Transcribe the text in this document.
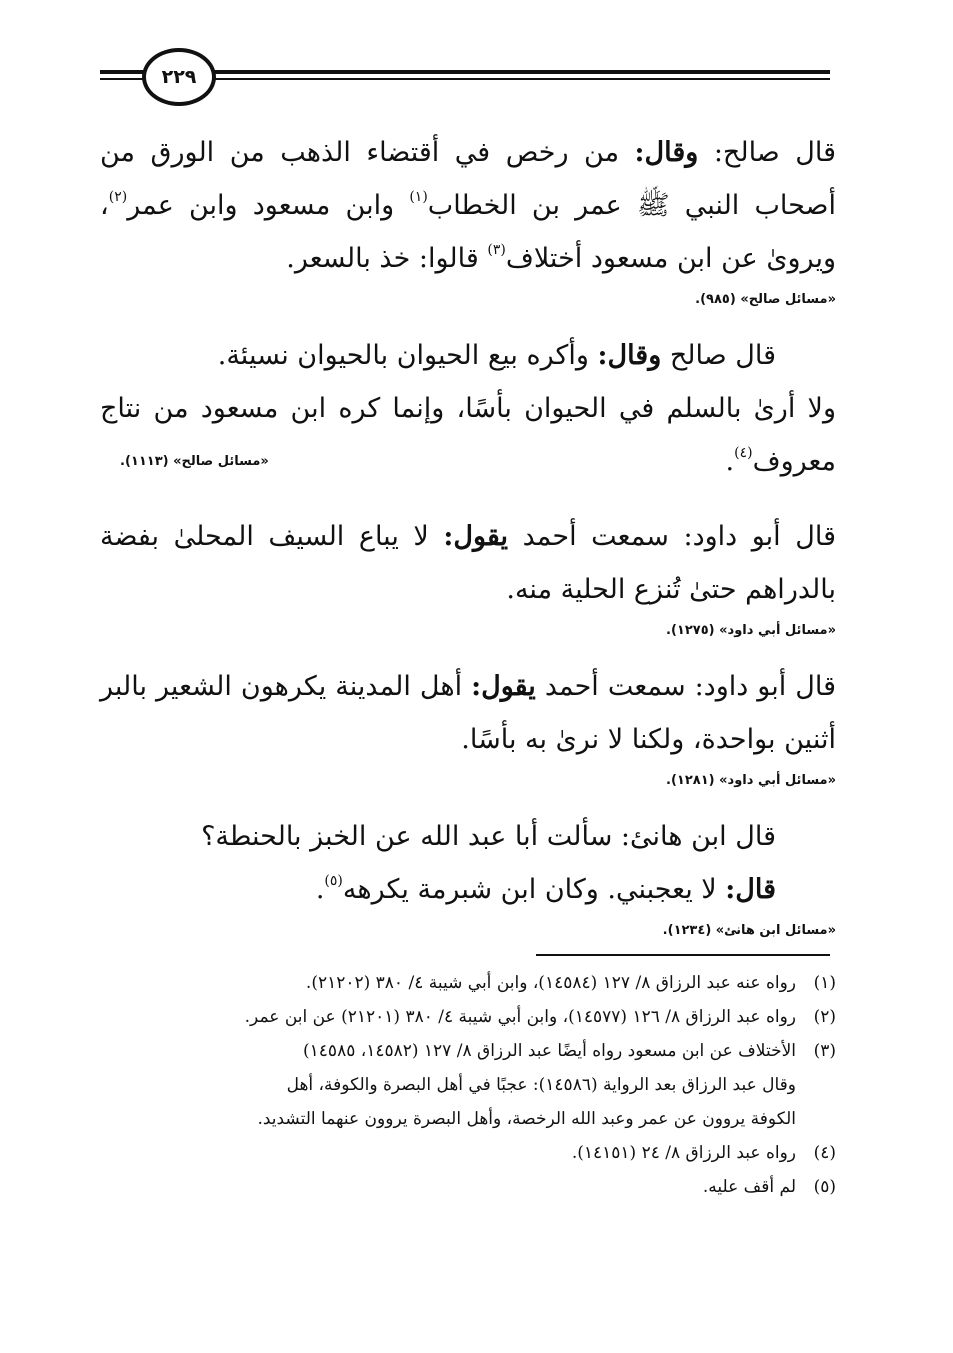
٢٢٩
قال صالح: وقال: من رخص في أقتضاء الذهب من الورق من
أصحاب النبي ﷺ عمر بن الخطاب$^{(١)}$ وابن مسعود وابن عمر$^{(٢)}$،
ويروىٰ عن ابن مسعود أختلاف$^{(٣)}$ قالوا: خذ بالسعر.
«مسائل صالح» (٩٨٥).
قال صالح وقال: وأكره بيع الحيوان بالحيوان نسيئة.
ولا أرىٰ بالسلم في الحيوان بأسًا، وإنما كره ابن مسعود من نتاج
معروف$^{(٤)}$.
«مسائل صالح» (١١١٣).
قال أبو داود: سمعت أحمد يقول: لا يباع السيف المحلىٰ بفضة
بالدراهم حتىٰ تُنزع الحلية منه.
«مسائل أبي داود» (١٢٧٥).
قال أبو داود: سمعت أحمد يقول: أهل المدينة يكرهون الشعير بالبر
أثنين بواحدة، ولكنا لا نرىٰ به بأسًا.
«مسائل أبي داود» (١٢٨١).
قال ابن هانئ: سألت أبا عبد الله عن الخبز بالحنطة؟
قال: لا يعجبني. وكان ابن شبرمة يكرهه$^{(٥)}$.
«مسائل ابن هانئ» (١٢٣٤).
(١)
رواه عنه عبد الرزاق ٨/ ١٢٧ (١٤٥٨٤)، وابن أبي شيبة ٤/ ٣٨٠ (٢١٢٠٢).
(٢)
رواه عبد الرزاق ٨/ ١٢٦ (١٤٥٧٧)، وابن أبي شيبة ٤/ ٣٨٠ (٢١٢٠١) عن ابن عمر.
(٣)
الأختلاف عن ابن مسعود رواه أيضًا عبد الرزاق ٨/ ١٢٧ (١٤٥٨٢، ١٤٥٨٥)
وقال عبد الرزاق بعد الرواية (١٤٥٨٦): عجبًا في أهل البصرة والكوفة، أهل
الكوفة يروون عن عمر وعبد الله الرخصة، وأهل البصرة يروون عنهما التشديد.
(٤)
رواه عبد الرزاق ٨/ ٢٤ (١٤١٥١).
(٥)
لم أقف عليه.
